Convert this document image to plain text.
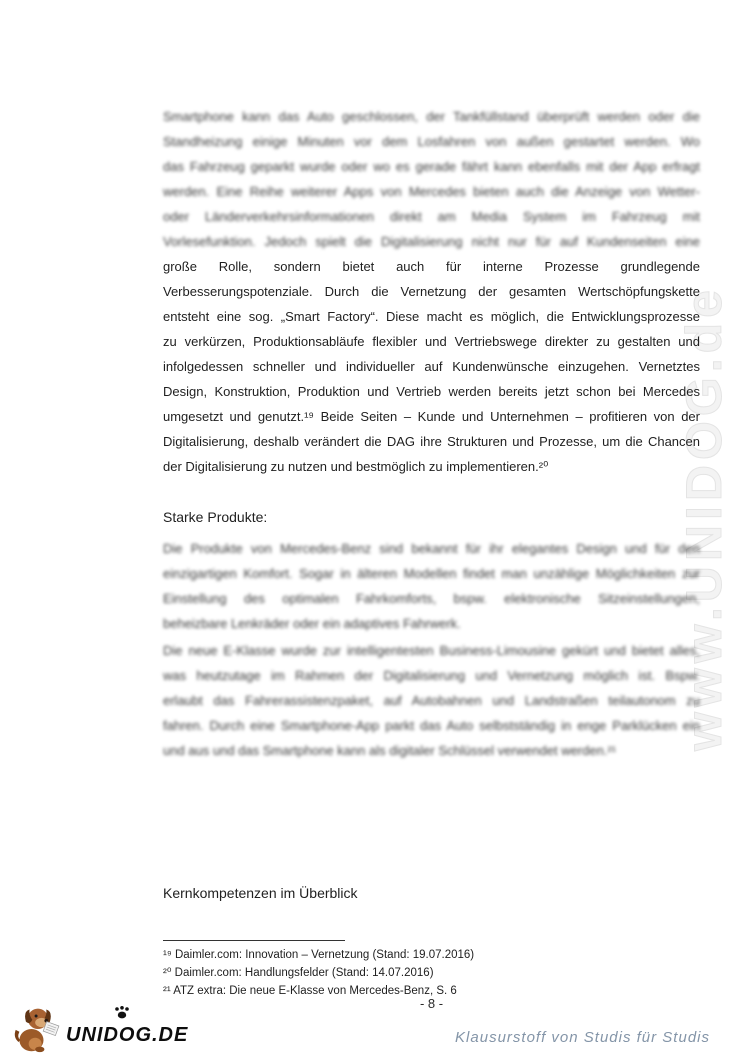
www.UNIDOG.de
Smartphone kann das Auto geschlossen, der Tankfüllstand überprüft werden oder die
Standheizung einige Minuten vor dem Losfahren von außen gestartet werden. Wo
das Fahrzeug geparkt wurde oder wo es gerade fährt kann ebenfalls mit der App erfragt
werden. Eine Reihe weiterer Apps von Mercedes bieten auch die Anzeige von Wetter-
oder Länderverkehrsinformationen direkt am Media System im Fahrzeug mit
Vorlesefunktion. Jedoch spielt die Digitalisierung nicht nur für auf Kundenseiten eine
große Rolle, sondern bietet auch für interne Prozesse grundlegende
Verbesserungspotenziale. Durch die Vernetzung der gesamten Wertschöpfungskette
entsteht eine sog. „Smart Factory“. Diese macht es möglich, die Entwicklungsprozesse
zu verkürzen, Produktionsabläufe flexibler und Vertriebswege direkter zu gestalten und
infolgedessen schneller und individueller auf Kundenwünsche einzugehen. Vernetztes
Design, Konstruktion, Produktion und Vertrieb werden bereits jetzt schon bei Mercedes
umgesetzt und genutzt.¹⁹ Beide Seiten – Kunde und Unternehmen – profitieren von der
Digitalisierung, deshalb verändert die DAG ihre Strukturen und Prozesse, um die Chancen
der Digitalisierung zu nutzen und bestmöglich zu implementieren.²⁰
Starke Produkte:
Die Produkte von Mercedes-Benz sind bekannt für ihr elegantes Design und für den
einzigartigen Komfort. Sogar in älteren Modellen findet man unzählige Möglichkeiten zur
Einstellung des optimalen Fahrkomforts, bspw. elektronische Sitzeinstellungen,
beheizbare Lenkräder oder ein adaptives Fahrwerk.
Die neue E-Klasse wurde zur intelligentesten Business-Limousine gekürt und bietet alles,
was heutzutage im Rahmen der Digitalisierung und Vernetzung möglich ist. Bspw.
erlaubt das Fahrerassistenzpaket, auf Autobahnen und Landstraßen teilautonom zu
fahren. Durch eine Smartphone-App parkt das Auto selbstständig in enge Parklücken ein
und aus und das Smartphone kann als digitaler Schlüssel verwendet werden.²¹
Kernkompetenzen im Überblick
¹⁹ Daimler.com: Innovation – Vernetzung (Stand: 19.07.2016)
²⁰ Daimler.com: Handlungsfelder (Stand: 14.07.2016)
²¹ ATZ extra: Die neue E-Klasse von Mercedes-Benz, S. 6
- 8 -
UNIDOG.DE	Klausurstoff von Studis für Studis
